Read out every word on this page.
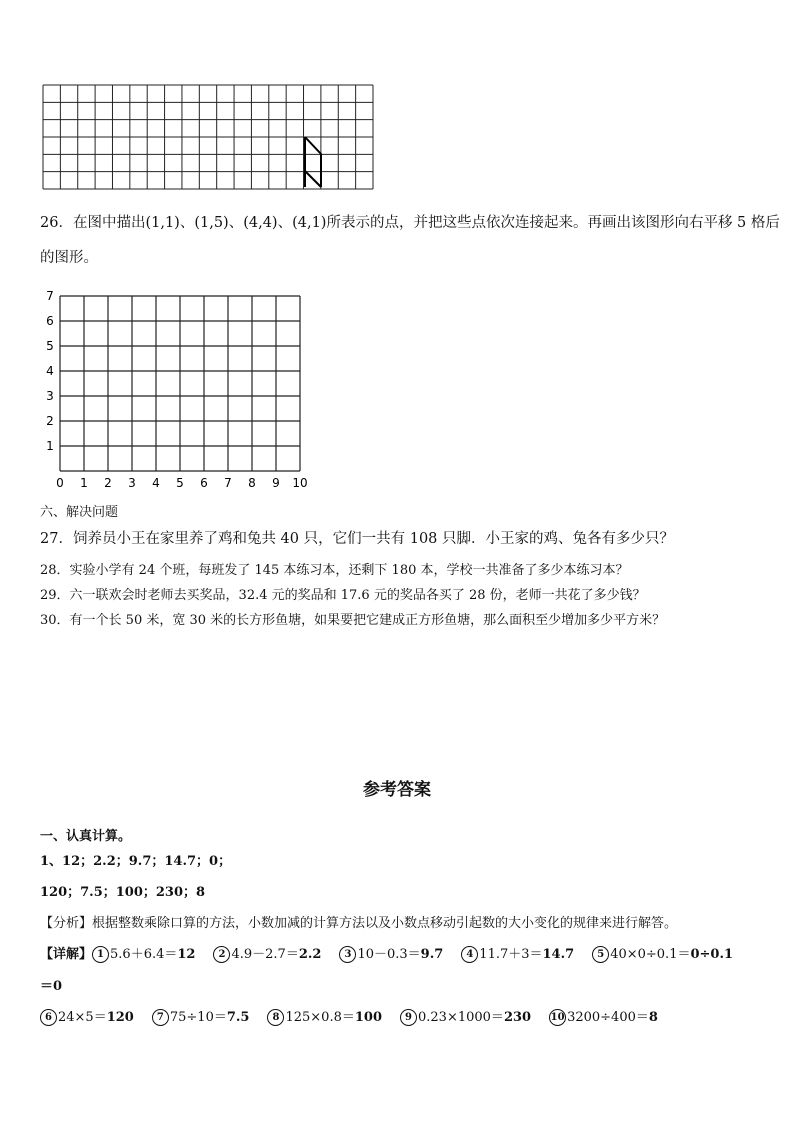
26．在图中描出(1,1)、(1,5)、(4,4)、(4,1)所表示的点，并把这些点依次连接起来。再画出该图形向右平移 5 格后
的图形。
0 1 2 3 4 5 6 7 8 9 10
1
2
3
4
5
6
7
六、解决问题
27．饲养员小王在家里养了鸡和兔共 40 只，它们一共有 108 只脚．小王家的鸡、兔各有多少只？
28．实验小学有 24 个班，每班发了 145 本练习本，还剩下 180 本，学校一共准备了多少本练习本？
29．六一联欢会时老师去买奖品，32.4 元的奖品和 17.6 元的奖品各买了 28 份，老师一共花了多少钱？
30．有一个长 50 米，宽 30 米的长方形鱼塘，如果要把它建成正方形鱼塘，那么面积至少增加多少平方米？
参考答案
一、认真计算。
1、12；2.2；9.7；14.7；0；
120；7.5；100；230；8
【分析】根据整数乘除口算的方法，小数加减的计算方法以及小数点移动引起数的大小变化的规律来进行解答。
【详解】 1 5.6＋6.4＝12 2 4.9－2.7＝2.2 3 10－0.3＝9.7 4 11.7＋3＝14.7 5 40×0÷0.1＝0÷0.1
＝0
6 24×5＝120 7 75÷10＝7.5 8 125×0.8＝100 9 0.23×1000＝230 10 3200÷400＝8
